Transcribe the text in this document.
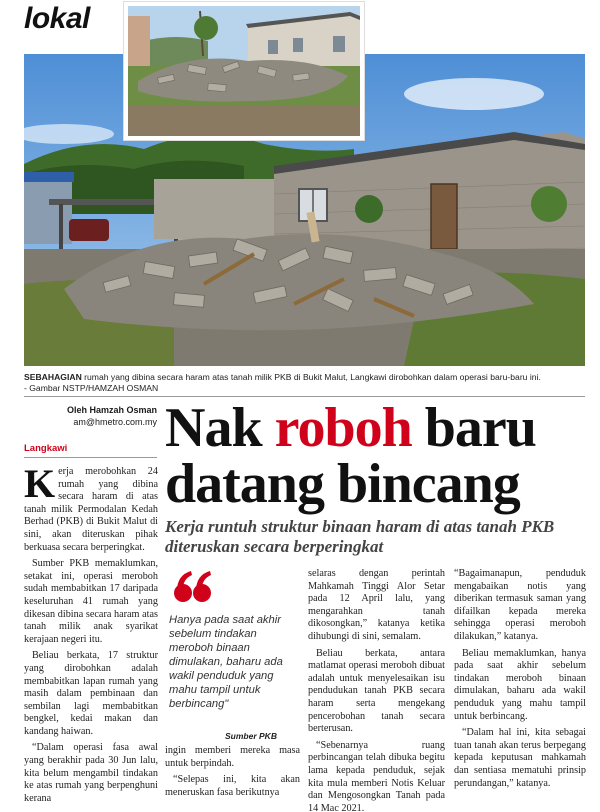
lokal
SEBAHAGIAN rumah yang dibina secara haram atas tanah milik PKB di Bukit Malut, Langkawi dirobohkan dalam operasi baru-baru ini.
- Gambar NSTP/HAMZAH OSMAN
Oleh Hamzah Osman
am@hmetro.com.my
Langkawi Nak roboh baru datang bincang
Kerja runtuh struktur binaan haram di atas tanah PKB diteruskan secara berperingkat

Kerja merobohkan 24 rumah yang dibina secara haram di atas tanah milik Permodalan Kedah Berhad (PKB) di Bukit Malut di sini, akan diteruskan pihak berkuasa secara berperingkat.

Sumber PKB memaklumkan, setakat ini, operasi meroboh sudah membabitkan 17 daripada keseluruhan 41 rumah yang dikesan dibina secara haram atas tanah milik anak syarikat kerajaan negeri itu.

Beliau berkata, 17 struktur yang dirobohkan adalah membabitkan lapan rumah yang masih dalam pembinaan dan sembilan lagi membabitkan bengkel, kedai makan dan kandang haiwan.

“Dalam operasi fasa awal yang berakhir pada 30 Jun lalu, kita belum mengambil tindakan ke atas rumah yang berpenghuni kerana

Hanya pada saat akhir sebelum tindakan meroboh binaan dimulakan, baharu ada wakil penduduk yang mahu tampil untuk berbincang"
Sumber PKB

ingin memberi mereka masa untuk berpindah.

“Selepas ini, kita akan meneruskan fasa berikutnya

selaras dengan perintah Mahkamah Tinggi Alor Setar pada 12 April lalu, yang mengarahkan tanah dikosongkan,” katanya ketika dihubungi di sini, semalam.

Beliau berkata, antara matlamat operasi meroboh dibuat adalah untuk menyelesaikan isu pendudukan tanah PKB secara haram serta mengekang pencerobohan tanah secara berterusan.

“Sebenarnya ruang perbincangan telah dibuka begitu lama kepada penduduk, sejak kita mula memberi Notis Keluar dan Mengosongkan Tanah pada 14 Mac 2021.

“Bagaimanapun, penduduk mengabaikan notis yang diberikan termasuk saman yang difailkan kepada mereka sehingga operasi meroboh dilakukan,” katanya.

Beliau memaklumkan, hanya pada saat akhir sebelum tindakan meroboh binaan dimulakan, baharu ada wakil penduduk yang mahu tampil untuk berbincang.

“Dalam hal ini, kita sebagai tuan tanah akan terus berpegang kepada keputusan mahkamah dan sentiasa mematuhi prinsip perundangan,” katanya.
